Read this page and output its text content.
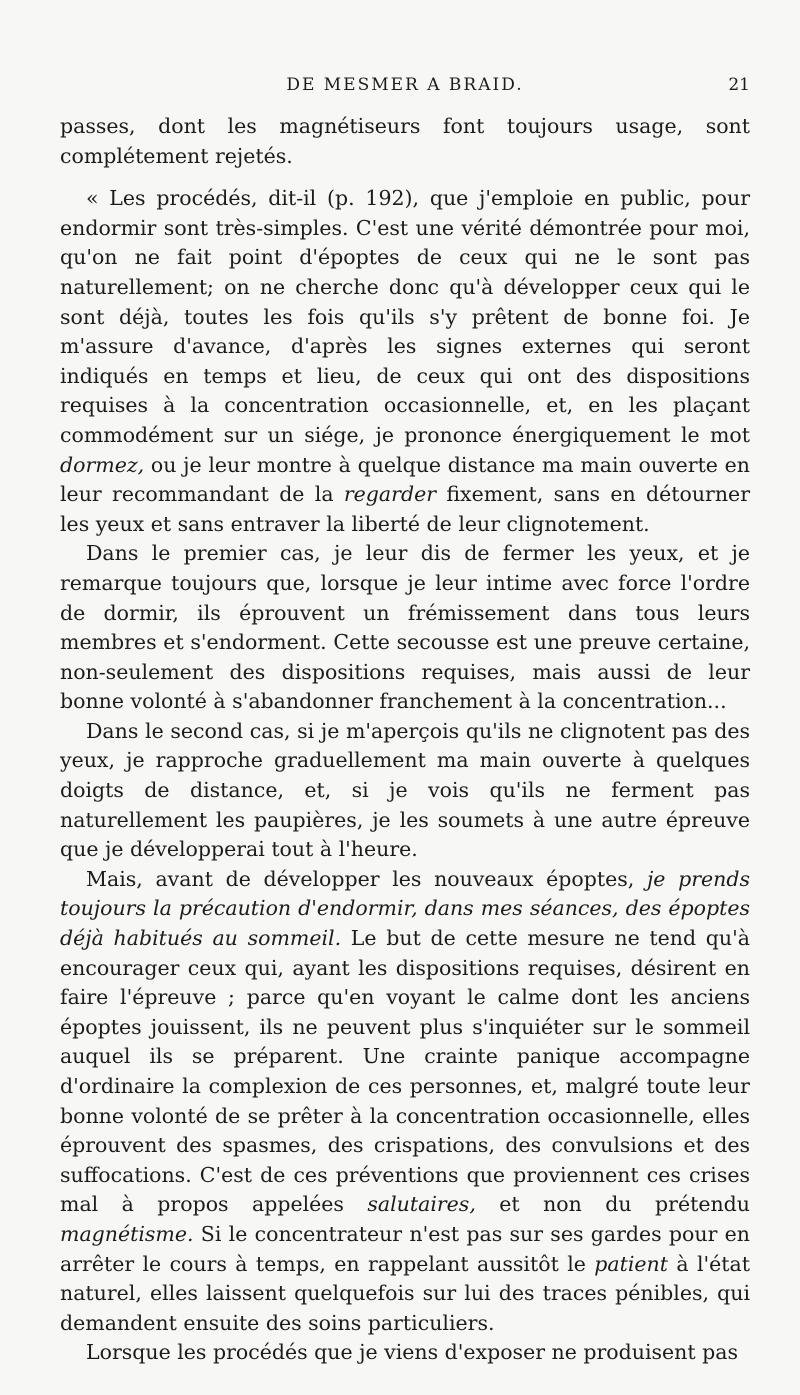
DE MESMER A BRAID.	21

passes, dont les magnétiseurs font toujours usage, sont complétement rejetés.

« Les procédés, dit-il (p. 192), que j'emploie en public, pour endormir sont très-simples. C'est une vérité démontrée pour moi, qu'on ne fait point d'époptes de ceux qui ne le sont pas naturellement; on ne cherche donc qu'à développer ceux qui le sont déjà, toutes les fois qu'ils s'y prêtent de bonne foi. Je m'assure d'avance, d'après les signes externes qui seront indiqués en temps et lieu, de ceux qui ont des dispositions requises à la concentration occasionnelle, et, en les plaçant commodément sur un siége, je prononce énergiquement le mot dormez, ou je leur montre à quelque distance ma main ouverte en leur recommandant de la regarder fixement, sans en détourner les yeux et sans entraver la liberté de leur clignotement.

Dans le premier cas, je leur dis de fermer les yeux, et je remarque toujours que, lorsque je leur intime avec force l'ordre de dormir, ils éprouvent un frémissement dans tous leurs membres et s'endorment. Cette secousse est une preuve certaine, non-seulement des dispositions requises, mais aussi de leur bonne volonté à s'abandonner franchement à la concentration...

Dans le second cas, si je m'aperçois qu'ils ne clignotent pas des yeux, je rapproche graduellement ma main ouverte à quelques doigts de distance, et, si je vois qu'ils ne ferment pas naturellement les paupières, je les soumets à une autre épreuve que je développerai tout à l'heure.

Mais, avant de développer les nouveaux époptes, je prends toujours la précaution d'endormir, dans mes séances, des époptes déjà habitués au sommeil. Le but de cette mesure ne tend qu'à encourager ceux qui, ayant les dispositions requises, désirent en faire l'épreuve ; parce qu'en voyant le calme dont les anciens époptes jouissent, ils ne peuvent plus s'inquiéter sur le sommeil auquel ils se préparent. Une crainte panique accompagne d'ordinaire la complexion de ces personnes, et, malgré toute leur bonne volonté de se prêter à la concentration occasionnelle, elles éprouvent des spasmes, des crispations, des convulsions et des suffocations. C'est de ces préventions que proviennent ces crises mal à propos appelées salutaires, et non du prétendu magnétisme. Si le concentrateur n'est pas sur ses gardes pour en arrêter le cours à temps, en rappelant aussitôt le patient à l'état naturel, elles laissent quelquefois sur lui des traces pénibles, qui demandent ensuite des soins particuliers.

Lorsque les procédés que je viens d'exposer ne produisent pas
